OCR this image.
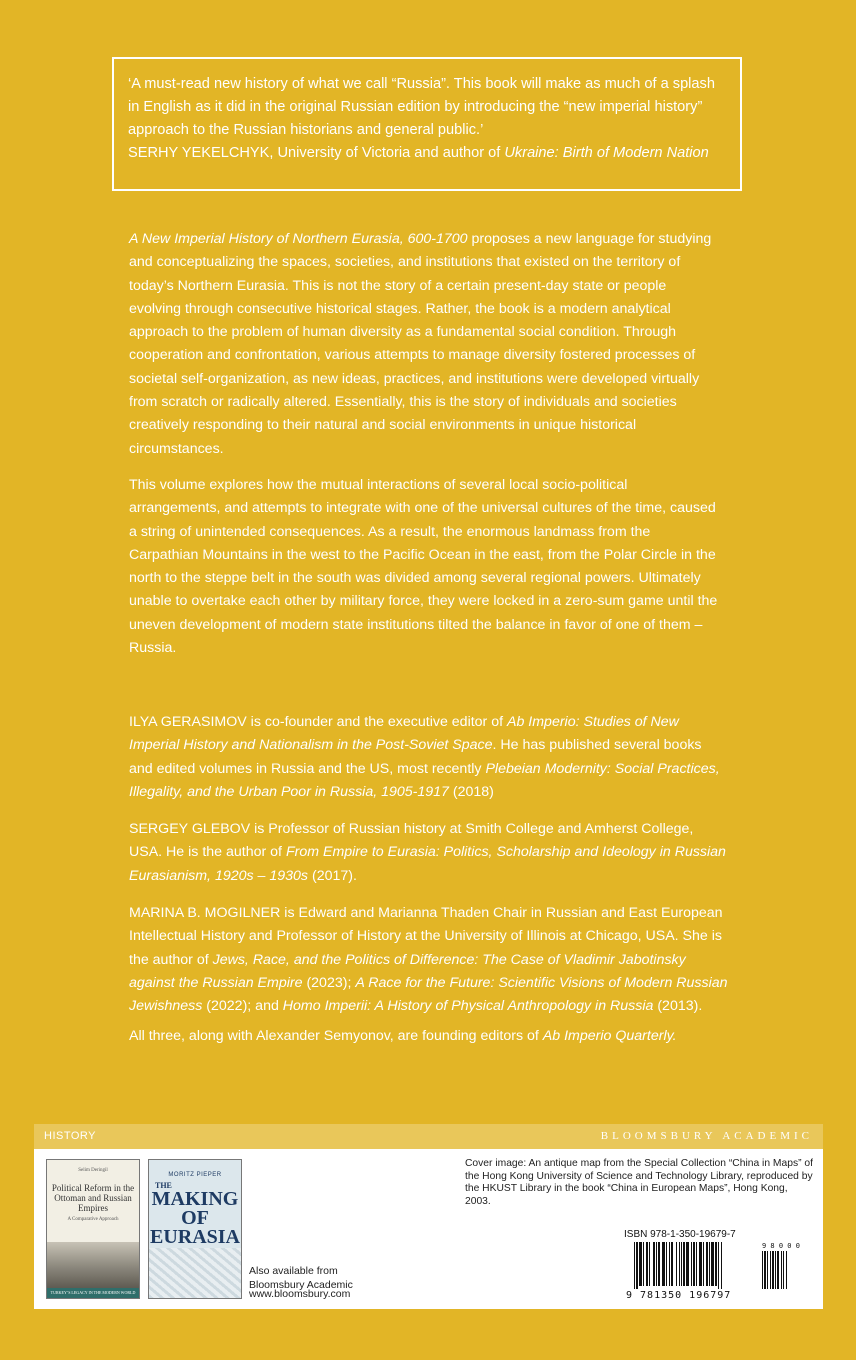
‘A must-read new history of what we call “Russia”. This book will make as much of a splash in English as it did in the original Russian edition by introducing the “new imperial history” approach to the Russian historians and general public.’

SERHY YEKELCHYK, University of Victoria and author of Ukraine: Birth of Modern Nation

A New Imperial History of Northern Eurasia, 600-1700 proposes a new language for studying and conceptualizing the spaces, societies, and institutions that existed on the territory of today’s Northern Eurasia. This is not the story of a certain present-day state or people evolving through consecutive historical stages. Rather, the book is a modern analytical approach to the problem of human diversity as a fundamental social condition. Through cooperation and confrontation, various attempts to manage diversity fostered processes of societal self-organization, as new ideas, practices, and institutions were developed virtually from scratch or radically altered. Essentially, this is the story of individuals and societies creatively responding to their natural and social environments in unique historical circumstances.

This volume explores how the mutual interactions of several local socio-political arrangements, and attempts to integrate with one of the universal cultures of the time, caused a string of unintended consequences. As a result, the enormous landmass from the Carpathian Mountains in the west to the Pacific Ocean in the east, from the Polar Circle in the north to the steppe belt in the south was divided among several regional powers. Ultimately unable to overtake each other by military force, they were locked in a zero-sum game until the uneven development of modern state institutions tilted the balance in favor of one of them – Russia.

ILYA GERASIMOV is co-founder and the executive editor of Ab Imperio: Studies of New Imperial History and Nationalism in the Post-Soviet Space. He has published several books and edited volumes in Russia and the US, most recently Plebeian Modernity: Social Practices, Illegality, and the Urban Poor in Russia, 1905-1917 (2018)

SERGEY GLEBOV is Professor of Russian history at Smith College and Amherst College, USA. He is the author of From Empire to Eurasia: Politics, Scholarship and Ideology in Russian Eurasianism, 1920s – 1930s (2017).

MARINA B. MOGILNER is Edward and Marianna Thaden Chair in Russian and East European Intellectual History and Professor of History at the University of Illinois at Chicago, USA. She is the author of Jews, Race, and the Politics of Difference: The Case of Vladimir Jabotinsky against the Russian Empire (2023); A Race for the Future: Scientific Visions of Modern Russian Jewishness (2022); and Homo Imperii: A History of Physical Anthropology in Russia (2013).

All three, along with Alexander Semyonov, are founding editors of Ab Imperio Quarterly.

HISTORY	BLOOMSBURY ACADEMIC
Selim Deringil
Political Reform in the Ottoman and Russian Empires
A Comparative Approach
TURKEY’S LEGACY IN THE MODERN WORLD
MORITZ PIEPER
THE
MAKING OF EURASIA
Also available from
Bloomsbury Academic
www.bloomsbury.com
Cover image: An antique map from the Special Collection “China in Maps” of the Hong Kong University of Science and Technology Library, reproduced by the HKUST Library in the book “China in European Maps”, Hong Kong, 2003.
ISBN 978-1-350-19679-7
9 781350 196797
9 8 0 0 0
